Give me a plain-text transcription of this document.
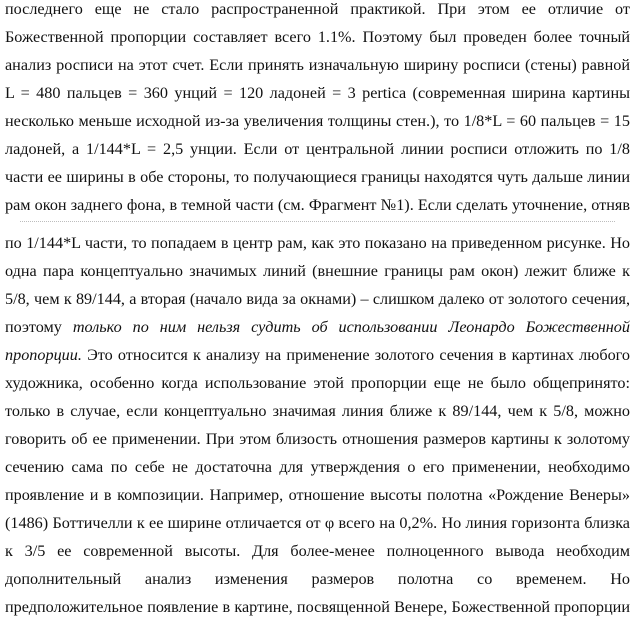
последнего еще не стало распространенной практикой. При этом ее отличие от
Божественной пропорции составляет всего 1.1%. Поэтому был проведен более точный
анализ росписи на этот счет. Если принять изначальную ширину росписи (стены) равной
L = 480 пальцев = 360 унций = 120 ладоней = 3 pertica (современная ширина картины
несколько меньше исходной из-за увеличения толщины стен.), то 1/8*L = 60 пальцев = 15
ладоней, а 1/144*L = 2,5 унции. Если от центральной линии росписи отложить по 1/8
части ее ширины в обе стороны, то получающиеся границы находятся чуть дальше линии
рам окон заднего фона, в темной части (см. Фрагмент №1). Если сделать уточнение, отняв
по 1/144*L части, то попадаем в центр рам, как это показано на приведенном рисунке. Но
одна пара концептуально значимых линий (внешние границы рам окон) лежит ближе к
5/8, чем к 89/144, а вторая (начало вида за окнами) – слишком далеко от золотого сечения,
поэтому только по ним нельзя судить об использовании Леонардо Божественной
пропорции. Это относится к анализу на применение золотого сечения в картинах любого
художника, особенно когда использование этой пропорции еще не было общепринято:
только в случае, если концептуально значимая линия ближе к 89/144, чем к 5/8, можно
говорить об ее применении. При этом близость отношения размеров картины к золотому
сечению сама по себе не достаточна для утверждения о его применении, необходимо
проявление и в композиции. Например, отношение высоты полотна «Рождение Венеры»
(1486) Боттичелли к ее ширине отличается от φ всего на 0,2%. Но линия горизонта близка
к 3/5 ее современной высоты. Для более-менее полноценного вывода необходим
дополнительный анализ изменения размеров полотна со временем. Но
предположительное появление в картине, посвященной Венере, Божественной пропорции
